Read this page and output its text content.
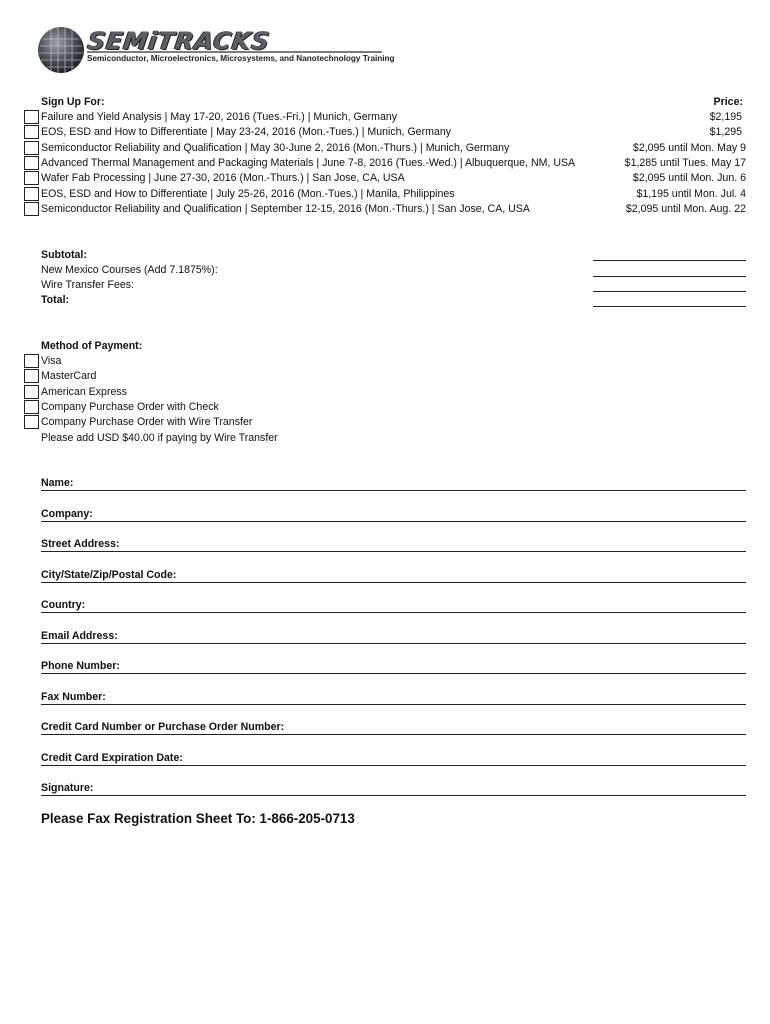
SEMiTRACKS
Semiconductor, Microelectronics, Microsystems, and Nanotechnology Training
Sign Up For:	Price:
Failure and Yield Analysis | May 17-20, 2016 (Tues.-Fri.) | Munich, Germany	$2,195
EOS, ESD and How to Differentiate | May 23-24, 2016 (Mon.-Tues.) | Munich, Germany	$1,295
Semiconductor Reliability and Qualification | May 30-June 2, 2016 (Mon.-Thurs.) | Munich, Germany	$2,095 until Mon. May 9
Advanced Thermal Management and Packaging Materials | June 7-8, 2016 (Tues.-Wed.) | Albuquerque, NM, USA	$1,285 until Tues. May 17
Wafer Fab Processing | June 27-30, 2016 (Mon.-Thurs.) | San Jose, CA, USA	$2,095 until Mon. Jun. 6
EOS, ESD and How to Differentiate | July 25-26, 2016 (Mon.-Tues.) | Manila, Philippines	$1,195 until Mon. Jul. 4
Semiconductor Reliability and Qualification | September 12-15, 2016 (Mon.-Thurs.) | San Jose, CA, USA	$2,095 until Mon. Aug. 22
Subtotal:
New Mexico Courses (Add 7.1875%):
Wire Transfer Fees:
Total:
Method of Payment:
Visa
MasterCard
American Express
Company Purchase Order with Check
Company Purchase Order with Wire Transfer
Please add USD $40.00 if paying by Wire Transfer
Name:
Company:
Street Address:
City/State/Zip/Postal Code:
Country:
Email Address:
Phone Number:
Fax Number:
Credit Card Number or Purchase Order Number:
Credit Card Expiration Date:
Signature:
Please Fax Registration Sheet To: 1-866-205-0713
